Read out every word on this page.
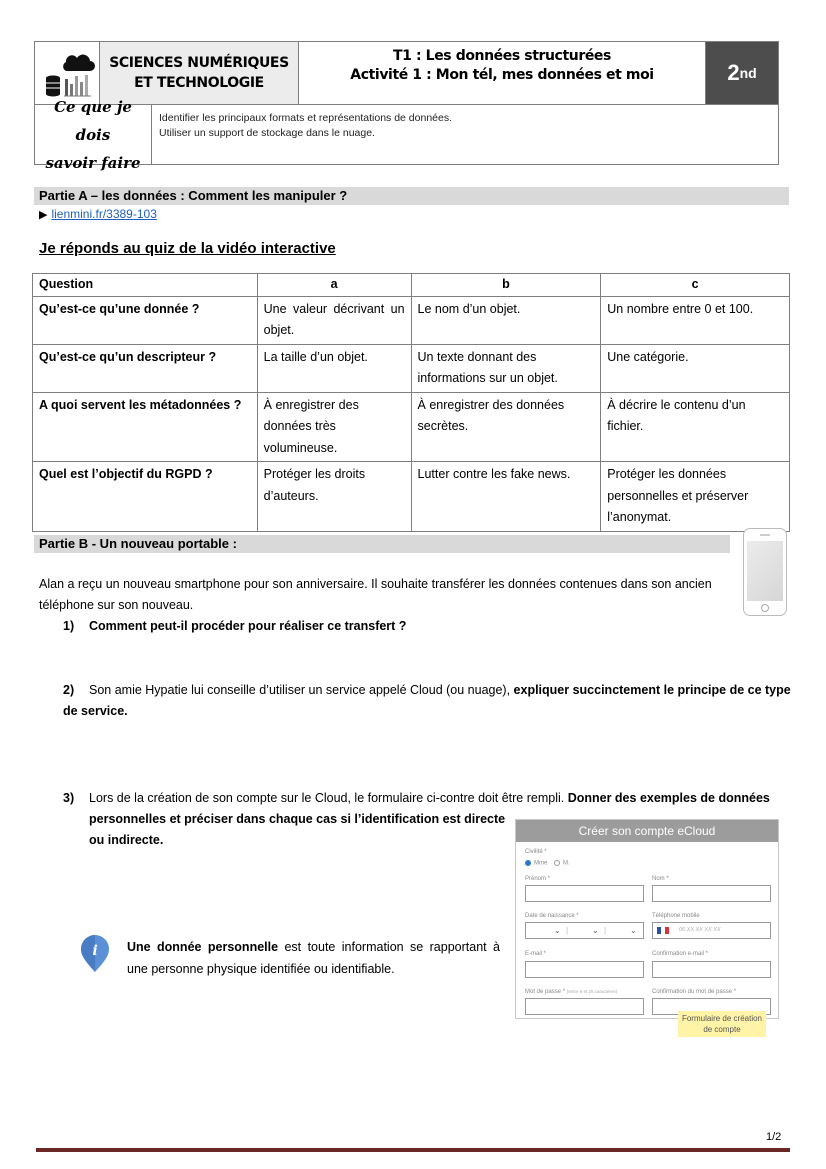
SCIENCES NUMÉRIQUES
ET TECHNOLOGIE
T1 : Les données structurées
Activité 1 : Mon tél, mes données et moi	2 nd
Ce que je dois
savoir faire
Identifier les principaux formats et représentations de données.
Utiliser un support de stockage dans le nuage.
Partie A – les données : Comment les manipuler ?
▶ lienmini.fr/3389-103
Je réponds au quiz de la vidéo interactive
Question	a	b	c
Qu’est-ce qu’une donnée ?	Une valeur décrivant un objet.	Le nom d’un objet.	Un nombre entre 0 et 100.
Qu’est-ce qu’un descripteur ?	La taille d’un objet.	Un texte donnant des informations sur un objet.	Une catégorie.
A quoi servent les métadonnées ?	À enregistrer des données très volumineuse.	À enregistrer des données secrètes.	À décrire le contenu d’un fichier.
Quel est l’objectif du RGPD ?	Protéger les droits d’auteurs.	Lutter contre les fake news.	Protéger les données personnelles et préserver l’anonymat.
Partie B - Un nouveau portable :
Alan a reçu un nouveau smartphone pour son anniversaire. Il souhaite transférer les données contenues dans son ancien téléphone sur son nouveau.
1) Comment peut-il procéder pour réaliser ce transfert ?
2) Son amie Hypatie lui conseille d’utiliser un service appelé Cloud (ou nuage), expliquer succinctement le principe de ce type de service.
3) Lors de la création de son compte sur le Cloud, le formulaire ci-contre doit être rempli. Donner des exemples de données
personnelles et préciser dans chaque cas si l’identification est directe
ou indirecte.
Créer son compte eCloud
Civilité *
Mme	M.
Prénom *	Nom *
Date de naissance *
⌄ |	⌄ |	⌄
Téléphone mobile
06 XX XX XX XX
E-mail *	Confirmation e-mail *
Mot de passe * (entre 8 et 25 caractères)	Confirmation du mot de passe *
Formulaire de création de compte
i Une donnée personnelle est toute information se rapportant à une personne physique identifiée ou identifiable.
1/2
